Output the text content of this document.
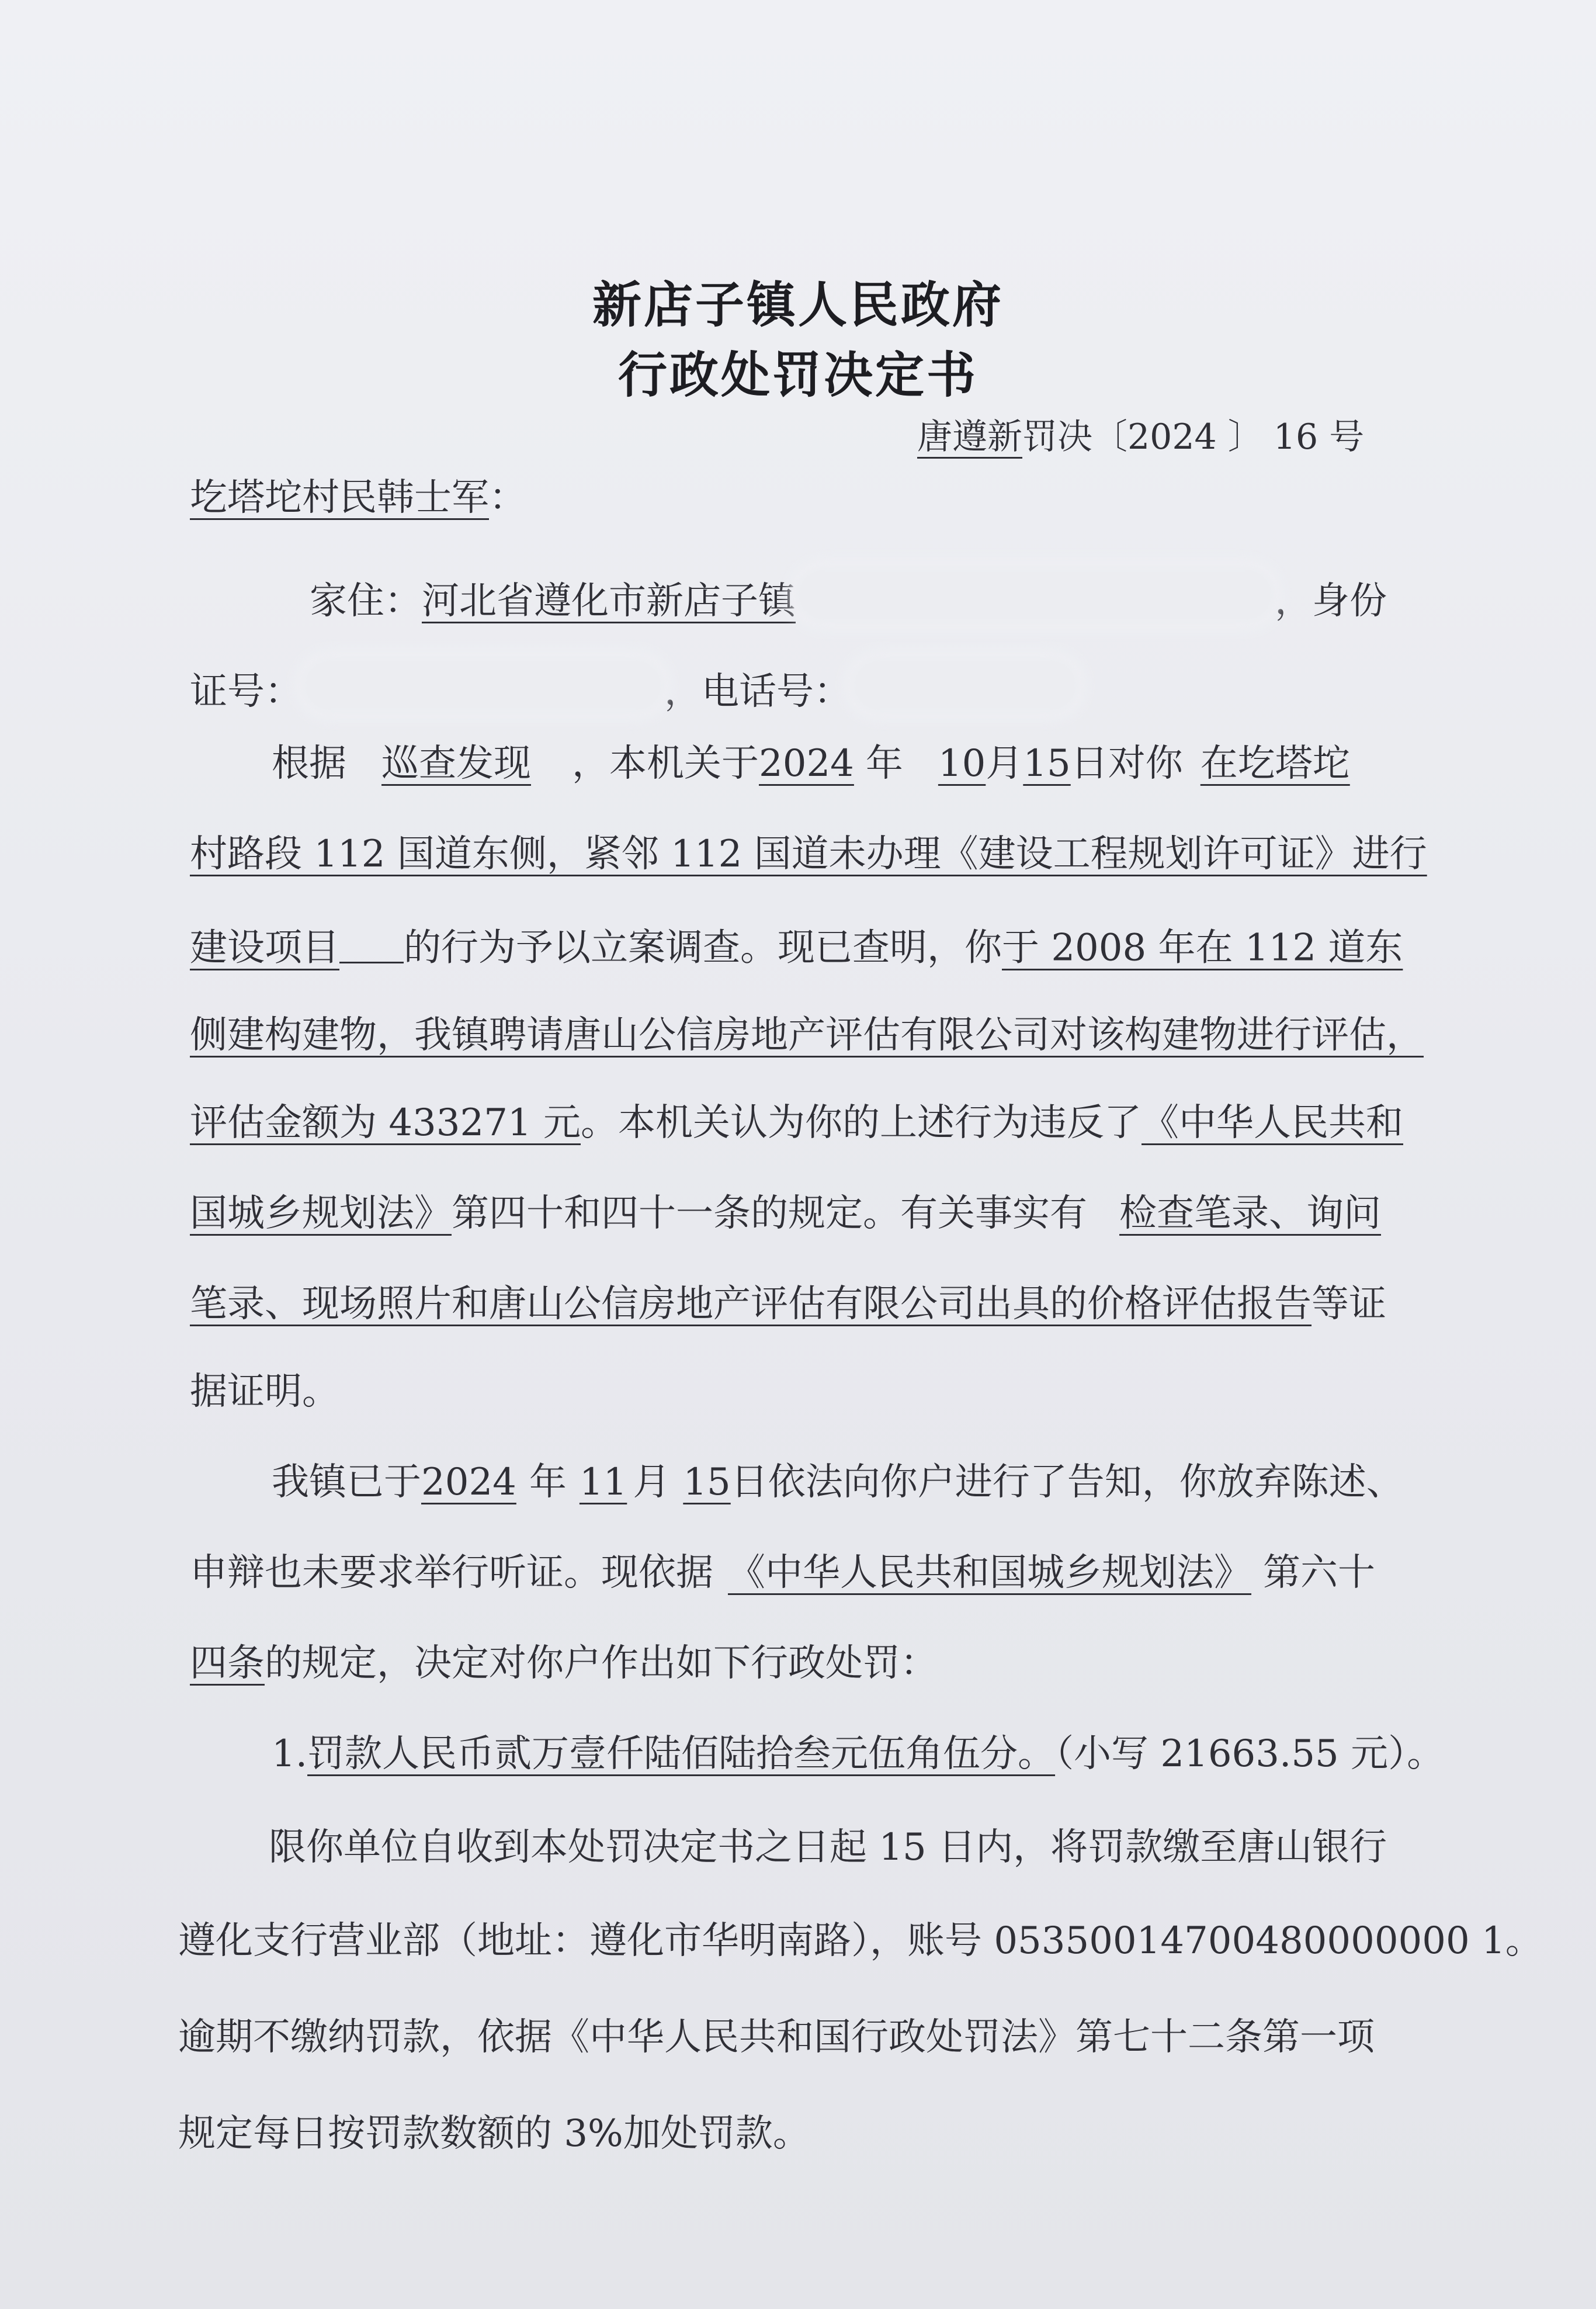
新店子镇人民政府
行政处罚决定书
唐遵新罚决〔2024 〕 16 号
圪塔坨村民韩士军：
家住：河北省遵化市新店子镇	，身份
证号：	，电话号：
根据 巡查发现 ，本机关于2024 年 10月15日对你 在圪塔坨
村路段 112 国道东侧，紧邻 112 国道未办理《建设工程规划许可证》进行
建设项目 的行为予以立案调查。现已查明，你于 2008 年在 112 道东
侧建构建物，我镇聘请唐山公信房地产评估有限公司对该构建物进行评估，
评估金额为 433271 元。本机关认为你的上述行为违反了《中华人民共和
国城乡规划法》第四十和四十一条的规定。有关事实有 检查笔录、询问
笔录、现场照片和唐山公信房地产评估有限公司出具的价格评估报告等证
据证明。
我镇已于2024 年 11 月 15日依法向你户进行了告知，你放弃陈述、
申辩也未要求举行听证。现依据 《中华人民共和国城乡规划法》 第六十
四条的规定，决定对你户作出如下行政处罚：
1.罚款人民币贰万壹仟陆佰陆拾叁元伍角伍分。（小写 21663.55 元）。
限你单位自收到本处罚决定书之日起 15 日内，将罚款缴至唐山银行
遵化支行营业部（地址：遵化市华明南路），账号 05350014700480000000 1。
逾期不缴纳罚款，依据《中华人民共和国行政处罚法》第七十二条第一项
规定每日按罚款数额的 3%加处罚款。
